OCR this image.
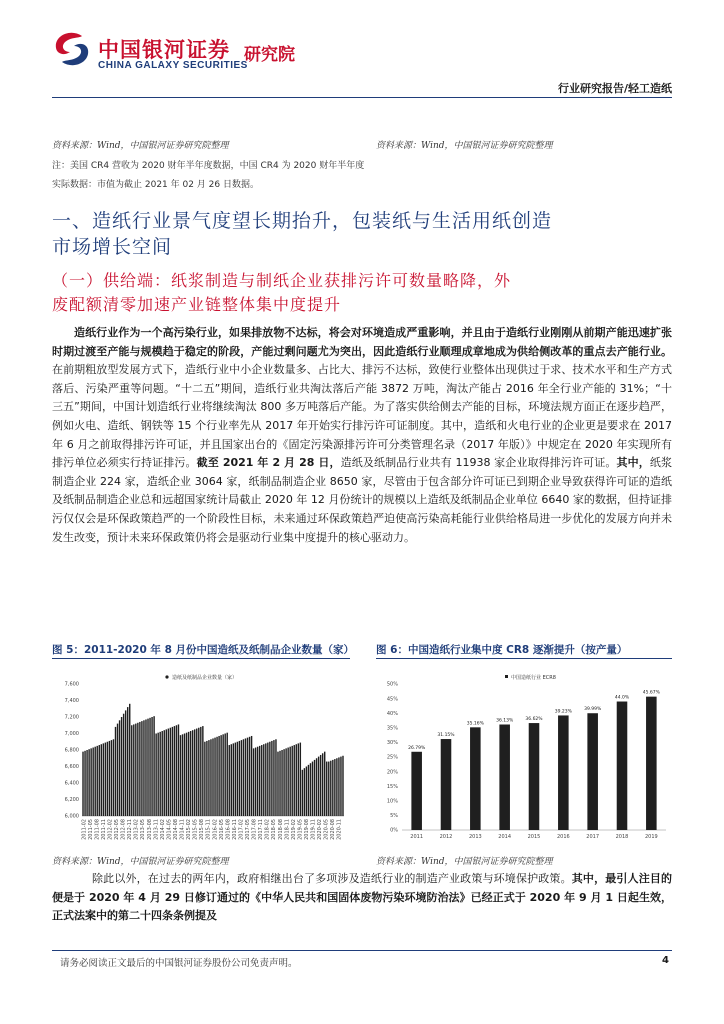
中国银河证券
CHINA GALAXY SECURITIES
研究院
行业研究报告/轻工造纸
资料来源：Wind，中国银河证券研究院整理	资料来源：Wind，中国银河证券研究院整理
注：美国 CR4 营收为 2020 财年半年度数据，中国 CR4 为 2020 财年半年度
实际数据：市值为截止 2021 年 02 月 26 日数据。
一、造纸行业景气度望长期抬升，包装纸与生活用纸创造
市场增长空间
（一）供给端：纸浆制造与制纸企业获排污许可数量略降，外
废配额清零加速产业链整体集中度提升
造纸行业作为一个高污染行业，如果排放物不达标，将会对环境造成严重影响，并且由于造纸行业刚刚从前期产能迅速扩张时期过渡至产能与规模趋于稳定的阶段，产能过剩问题尤为突出，因此造纸行业顺理成章地成为供给侧改革的重点去产能行业。在前期粗放型发展方式下，造纸行业中小企业数量多、占比大、排污不达标，致使行业整体出现供过于求、技术水平和生产方式落后、污染严重等问题。“十二五”期间，造纸行业共淘汰落后产能 3872 万吨，淘汰产能占 2016 年全行业产能的 31%；“十三五”期间，中国计划造纸行业将继续淘汰 800 多万吨落后产能。为了落实供给侧去产能的目标，环境法规方面正在逐步趋严，例如火电、造纸、钢铁等 15 个行业率先从 2017 年开始实行排污许可证制度。其中，造纸和火电行业的企业更是要求在 2017 年 6 月之前取得排污许可证，并且国家出台的《固定污染源排污许可分类管理名录（2017 年版）》中规定在 2020 年实现所有排污单位必须实行持证排污。截至 2021 年 2 月 28 日，造纸及纸制品行业共有 11938 家企业取得排污许可证。其中，纸浆制造企业 224 家，造纸企业 3064 家，纸制品制造企业 8650 家，尽管由于包含部分许可证已到期企业导致获得许可证的造纸及纸制品制造企业总和远超国家统计局截止 2020 年 12 月份统计的规模以上造纸及纸制品企业单位 6640 家的数据，但持证排污仅仅会是环保政策趋严的一个阶段性目标，未来通过环保政策趋严迫使高污染高耗能行业供给格局进一步优化的发展方向并未发生改变，预计未来环保政策仍将会是驱动行业集中度提升的核心驱动力。
图 5：2011-2020 年 8 月份中国造纸及纸制品企业数量（家） 图 6：中国造纸行业集中度 CR8 逐渐提升（按产量）
造纸及纸制品企业数量（家）
7,600
7,400
7,200
7,000
6,800
6,600
6,400
6,200
6,000
2011-02 2011-05 2011-08 2011-11 2012-02 2012-05 2012-08 2012-11 2013-02 2013-05 2013-08 2013-11 2014-02 2014-05 2014-08 2014-11 2015-02 2015-05 2015-08 2015-11 2016-02 2016-05 2016-08 2016-11 2017-02 2017-05 2017-08 2017-11 2018-02 2018-05 2018-08 2018-11 2019-02 2019-05 2019-08 2019-11 2020-02 2020-05 2020-08 2020-11
中国造纸行业 ECR8
50%
45%
40%
35%
30%
25%
20%
15%
10%
5%
0%
26.79%
2011
31.15%
2012
35.16%
2013
36.13%
2014
36.62%
2015
39.23%
2016
39.99%
2017
44.0%
2018
45.67%
2019
资料来源：Wind，中国银河证券研究院整理	资料来源：Wind，中国银河证券研究院整理
除此以外，在过去的两年内，政府相继出台了多项涉及造纸行业的制造产业政策与环境保护政策。其中，最引人注目的便是于 2020 年 4 月 29 日修订通过的《中华人民共和国固体废物污染环境防治法》已经正式于 2020 年 9 月 1 日起生效，正式法案中的第二十四条条例提及
请务必阅读正文最后的中国银河证券股份公司免责声明。	4
